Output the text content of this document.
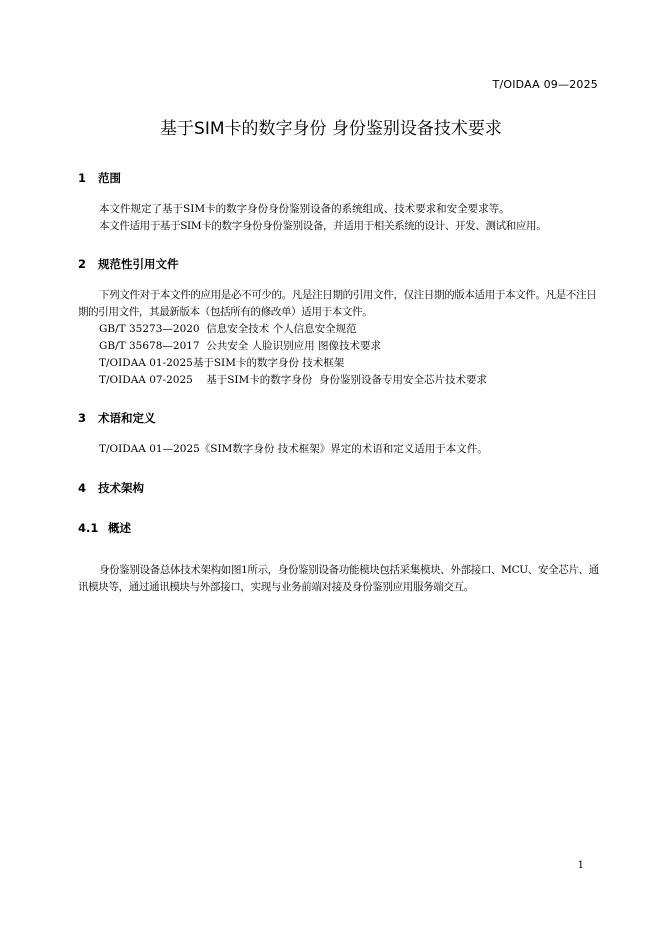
T/OIDAA 09—2025
基于SIM卡的数字身份 身份鉴别设备技术要求
1 范围

本文件规定了基于SIM卡的数字身份身份鉴别设备的系统组成、技术要求和安全要求等。

本文件适用于基于SIM卡的数字身份身份鉴别设备，并适用于相关系统的设计、开发、测试和应用。

2 规范性引用文件

下列文件对于本文件的应用是必不可少的。凡是注日期的引用文件，仅注日期的版本适用于本文件。凡是不注日期的引用文件，其最新版本（包括所有的修改单）适用于本文件。

GB/T 35273—2020  信息安全技术 个人信息安全规范

GB/T 35678—2017  公共安全 人脸识别应用 图像技术要求

T/OIDAA 01-2025基于SIM卡的数字身份 技术框架

T/OIDAA 07-2025    基于SIM卡的数字身份  身份鉴别设备专用安全芯片技术要求

3 术语和定义

T/OIDAA 01—2025《SIM数字身份 技术框架》界定的术语和定义适用于本文件。

4 技术架构
4.1 概述

身份鉴别设备总体技术架构如图1所示，身份鉴别设备功能模块包括采集模块、外部接口、MCU、安全芯片、通讯模块等，通过通讯模块与外部接口，实现与业务前端对接及身份鉴别应用服务端交互。

1
